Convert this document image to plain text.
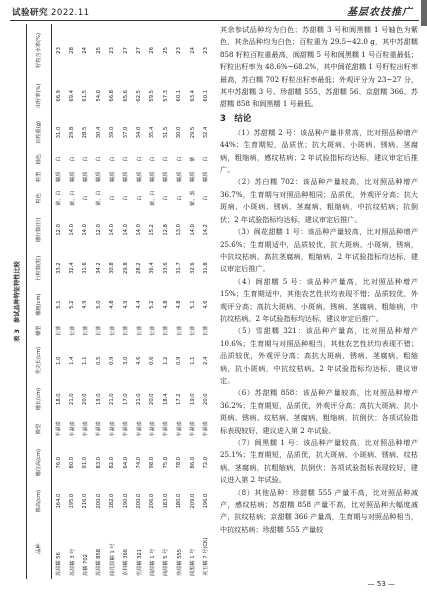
试验研究 2022.11	基层农技推广
表 3　参试品种特征特性比较
品种	株高(cm)	穗位高(cm)	株型	穗长(cm)	秃尖长(cm)	穗型	穗粗(cm)	行粒数(粒)	穗行数(行)	粒色	粒型	轴色	百粒重(g)	出籽率(%)	籽粒含水率(%)
苏甜糯 56	164.0	76.0	半紧凑	18.0	1.0	长锥	5.1	33.2	12.0	黄、白	糯质	白	31.0	66.9	23
苏甜糯 3 号	195.0	80.0	半紧凑	21.0	1.4	长锥	5.2	32.4	14.0	黄、白	糯质	白	29.8	69.4	28
苏糯 702	216.0	91.0	半紧凑	20.0	1.1	长锥	4.9	31.6	14.0	白	糯质	白	28.5	61.5	24
苏甜糯 858	200.0	83.0	半紧凑	19.0	0.5	长锥	5.0	34.2	12.0	黄、白	糯质	白	30.4	54.0	25
阆花甜糯 1 号	182.0	82.0	半紧凑	21.0	0.9	长锥	4.8	30.8	14.0	白	糯质	白	39.0	66.8	23
京科糯 366	190.0	64.0	半紧凑	17.0	3.0	长锥	4.9	29.8	14.0	白	糯质	白	37.0	65.6	27
雪甜糯 321	200.0	74.0	半紧凑	21.0	4.6	长锥	4.4	28.2	14.0	白	糯质	白	34.0	62.5	27
阆甜糯 1 号	206.0	98.0	半紧凑	20.0	0.6	长锥	5.2	36.4	15.2	黄、白	糯质	白	35.4	59.5	26
阆甜糯 5 号	183.0	75.0	半紧凑	18.4	1.2	长锥	4.8	33.6	12.8	白	糯质	白	31.5	57.3	25
珍甜糯 555	180.0	78.0	半紧凑	17.2	0.9	长锥	4.8	31.7	13.0	白	糯质	白	30.0	60.1	23
阆黑糯 1 号	209.0	86.0	半紧凑	19.0	1.1	长锥	5.1	32.6	14.0	紫、黑	糯质	紫	29.5	63.4	24
美玉糯 7 号(CK)	196.0	72.0	半紧凑	20.0	2.4	长锥	4.6	31.8	14.2	白	糯质	白	32.4	60.1	23

其余参试品种均为白色；苏甜糯 3 号和阆黑糯 1 号轴色为紫色，其余品种均为白色；百粒重为 29.5~42.0 g，其中苏甜糯 858 籽粒百粒重最高，阆甜糯 5 号和阆黑糯 1 号百粒重最低；籽粒出籽率为 48.6%~68.2%，其中阆花甜糯 1 号籽粒出籽率最高，苏白糯 702 籽粒出籽率最低；外观评分为 23~27 分，其中苏甜糯 3 号、珍甜糯 555、苏甜糯 56、京甜糯 366、苏甜糯 858 和阆黑糯 1 号最低。

3　结论

（1）苏甜糯 2 号：该品种产量非常高，比对照品种增产 44%；生育期短，品质优；抗大斑病、小斑病、锈病、茎腐病，粗缩病，感纹枯病；2 年试验指标均达标，建议审定后推广。

（2）苏白糯 702：该品种产量较高，比对照品种增产 36.7%，生育期与对照品种相同；品质优，外观评分高；抗大斑病、小斑病、锈病、茎腐病、粗缩病，中抗纹枯病；抗倒伏；2 年试验指标均达标，建议审定后推广。

（3）阆花甜糯 1 号：该品种产量较高，比对照品种增产 25.6%；生育期适中，品质较优，抗大斑病、小斑病、锈病，中抗纹枯病、高抗茎腐病，粗缩病，2 年试验指标均达标，建议审定后推广。

（4）阆甜糯 5 号：该品种产量高，比对照品种增产 15%；生育期适中，其他农艺性状均表现不错；品质较优，外观评分高；高抗大斑病、小斑病、锈病、茎腐病、粗缩病，中抗纹枯病。2 年试验指标均达标，建议审定后推广。

（5）雪甜糯 321：该品种产量高，比对照品种增产 10.6%；生育期与对照品种相当，其他农艺性状均表现不错；品质较优，外观评分高；高抗大斑病、锈病、茎腐病、粗缩病，抗小斑病，中抗纹枯病。2 年试验指标均达标，建议审定。

（6）苏甜糯 858：该品种产量较高，比对照品种增产 36.2%；生育期短，品质优，外观评分高；高抗大斑病、抗小斑病、锈病、纹枯病、茎腐病，粗缩病，抗倒伏；各项试验指标表现较好，建议进入第 2 年试验。

（7）阆黑糯 1 号：该品种产量较高，比对照品种增产 25.1%；生育期短，品质优，抗大斑病、小斑病、锈病、纹枯病、茎腐病，抗粗缩病，抗倒伏；各项试验指标表现较好，建议进入第 2 年试验。

（8）其他品种：珍甜糯 555 产量不高，比对照品种减产，感纹枯病；苏甜糯 858 产量不高，比对照品种大幅度减产，抗纹枯病；京甜糯 366 产量高，生育期与对照品种相当，中抗纹枯病；珍甜糯 555 产量较

— 53 —
